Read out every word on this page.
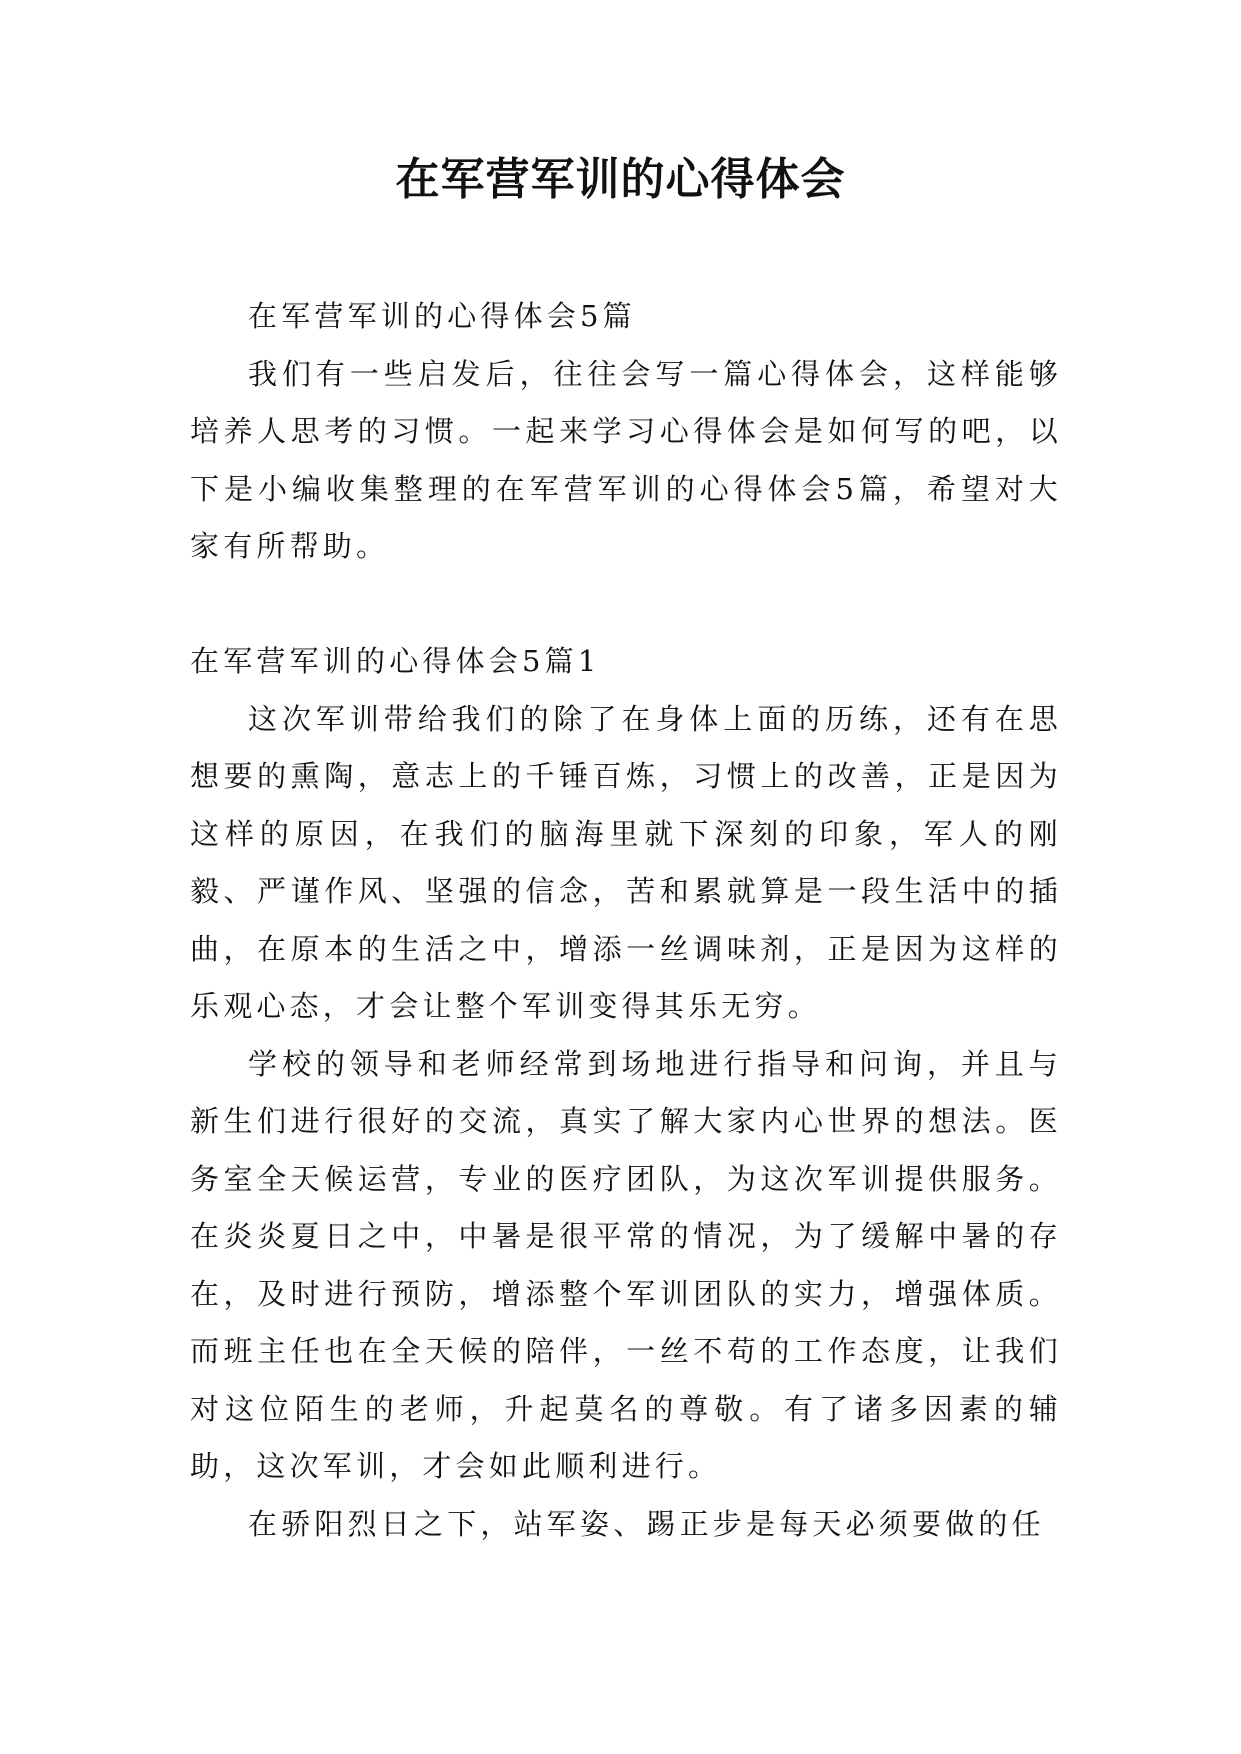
在军营军训的心得体会

在军营军训的心得体会5篇

我们有一些启发后，往往会写一篇心得体会，这样能够培养人思考的习惯。一起来学习心得体会是如何写的吧，以下是小编收集整理的在军营军训的心得体会5篇，希望对大家有所帮助。

在军营军训的心得体会5篇1

这次军训带给我们的除了在身体上面的历练，还有在思想要的熏陶，意志上的千锤百炼，习惯上的改善，正是因为这样的原因，在我们的脑海里就下深刻的印象，军人的刚毅、严谨作风、坚强的信念，苦和累就算是一段生活中的插曲，在原本的生活之中，增添一丝调味剂，正是因为这样的乐观心态，才会让整个军训变得其乐无穷。

学校的领导和老师经常到场地进行指导和问询，并且与新生们进行很好的交流，真实了解大家内心世界的想法。医务室全天候运营，专业的医疗团队，为这次军训提供服务。在炎炎夏日之中，中暑是很平常的情况，为了缓解中暑的存在，及时进行预防，增添整个军训团队的实力，增强体质。而班主任也在全天候的陪伴，一丝不苟的工作态度，让我们对这位陌生的老师，升起莫名的尊敬。有了诸多因素的辅助，这次军训，才会如此顺利进行。

在骄阳烈日之下，站军姿、踢正步是每天必须要做的任
